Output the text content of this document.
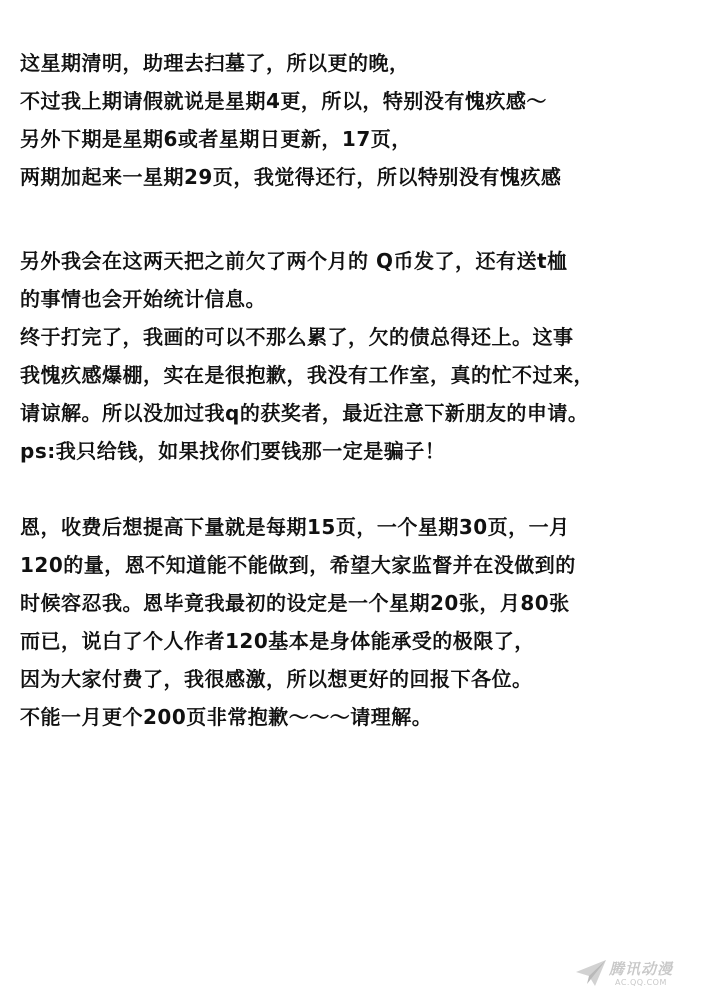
这星期清明，助理去扫墓了，所以更的晚，
不过我上期请假就说是星期4更，所以，特别没有愧疚感～
另外下期是星期6或者星期日更新，17页，
两期加起来一星期29页，我觉得还行，所以特别没有愧疚感
另外我会在这两天把之前欠了两个月的 Q币发了，还有送t桖
的事情也会开始统计信息。
终于打完了，我画的可以不那么累了，欠的债总得还上。这事
我愧疚感爆棚，实在是很抱歉，我没有工作室，真的忙不过来，
请谅解。所以没加过我q的获奖者，最近注意下新朋友的申请。
ps:我只给钱，如果找你们要钱那一定是骗子！
恩，收费后想提高下量就是每期15页，一个星期30页，一月
120的量，恩不知道能不能做到，希望大家监督并在没做到的
时候容忍我。恩毕竟我最初的设定是一个星期20张，月80张
而已，说白了个人作者120基本是身体能承受的极限了，
因为大家付费了，我很感激，所以想更好的回报下各位。
不能一月更个200页非常抱歉～～～请理解。
腾讯动漫
AC.QQ.COM
